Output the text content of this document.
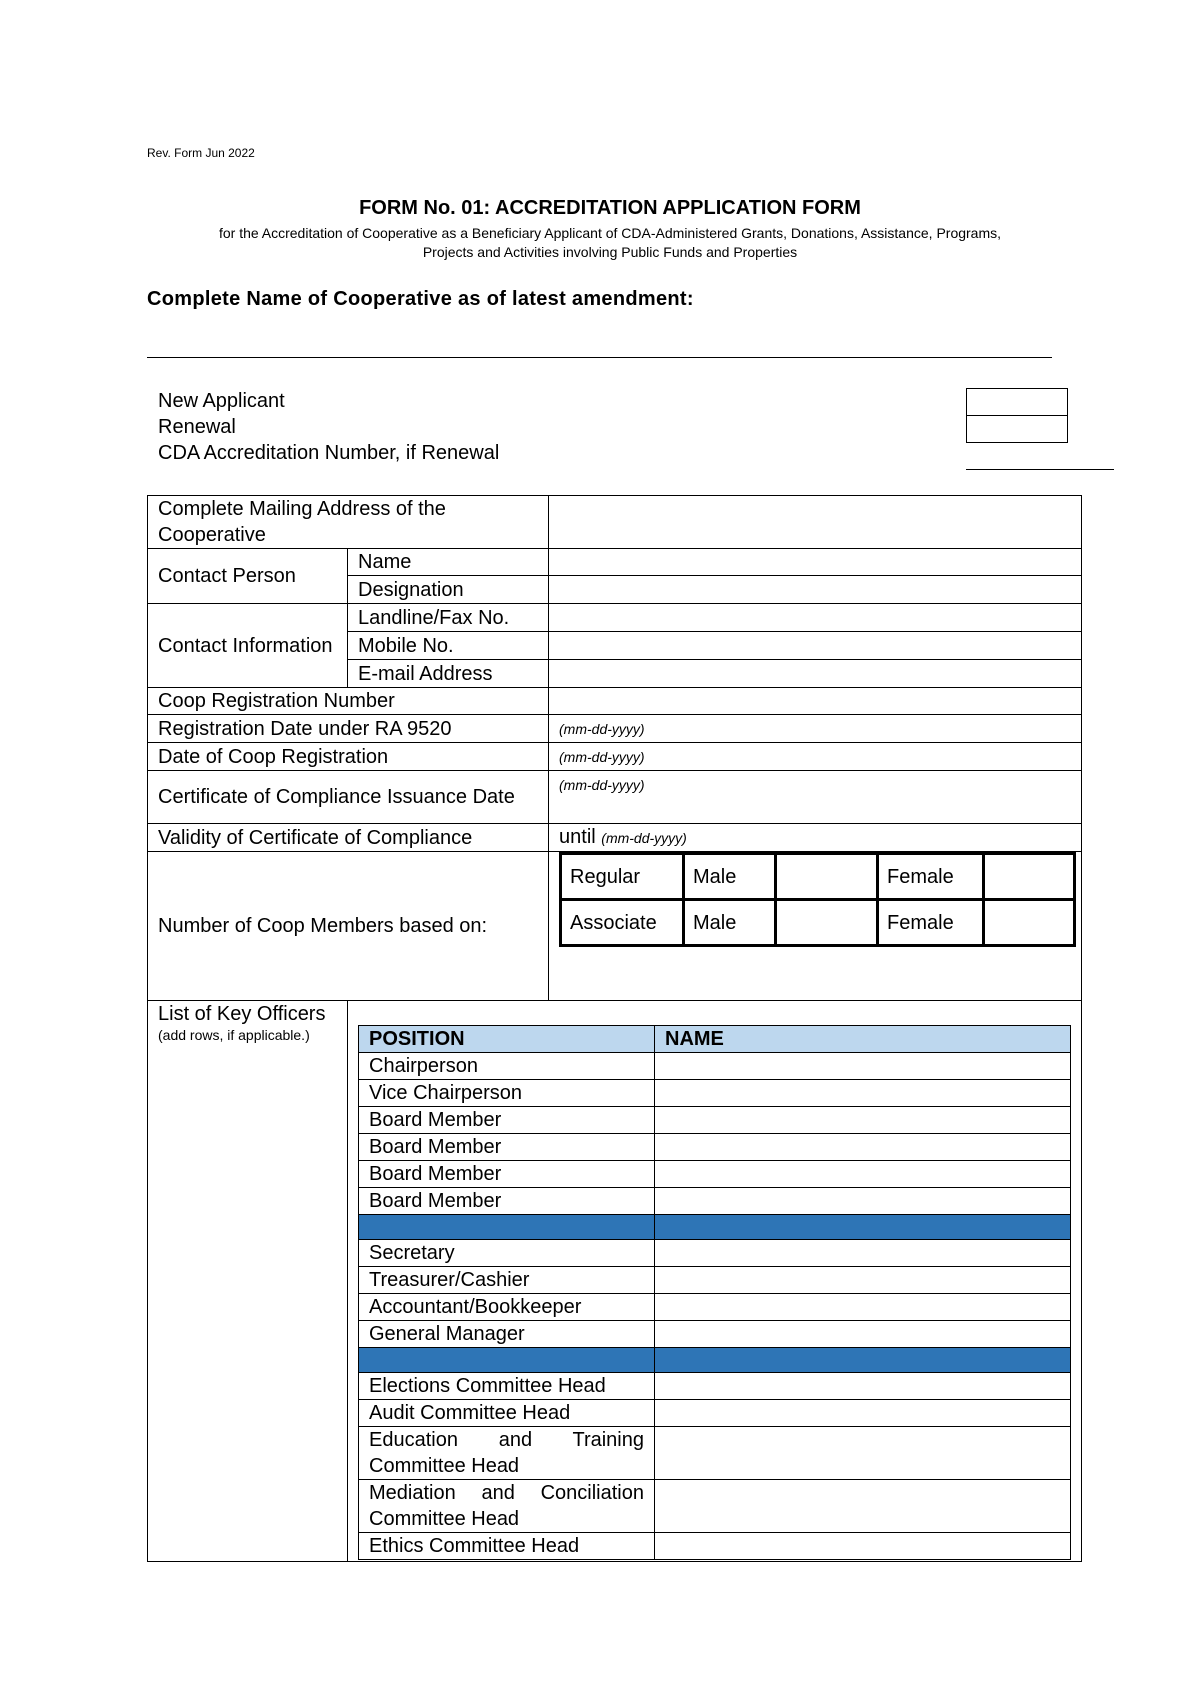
Rev. Form Jun 2022
FORM No. 01: ACCREDITATION APPLICATION FORM
for the Accreditation of Cooperative as a Beneficiary Applicant of CDA-Administered Grants, Donations, Assistance, Programs,
Projects and Activities involving Public Funds and Properties
Complete Name of Cooperative as of latest amendment:
New Applicant
Renewal
CDA Accreditation Number, if Renewal
Complete Mailing Address of the Cooperative	
Contact Person	Name	
Designation	
Contact Information	Landline/Fax No.	
Mobile No.	
E-mail Address	
Coop Registration Number	
Registration Date under RA 9520	(mm-dd-yyyy)
Date of Coop Registration	(mm-dd-yyyy)
Certificate of Compliance Issuance Date	(mm-dd-yyyy)
Validity of Certificate of Compliance	until (mm-dd-yyyy)
Number of Coop Members based on:	
Regular	Male		Female	
Associate	Male		Female	

List of Key Officers
(add rows, if applicable.)
		POSITION	NAME
Chairperson	
Vice Chairperson	
Board Member	
Board Member	
Board Member	
Board Member	

Secretary	
Treasurer/Cashier	
Accountant/Bookkeeper	
General Manager	

Elections Committee Head	
Audit Committee Head	
Education and Training Committee Head	
Mediation and Conciliation Committee Head	
Ethics Committee Head	
